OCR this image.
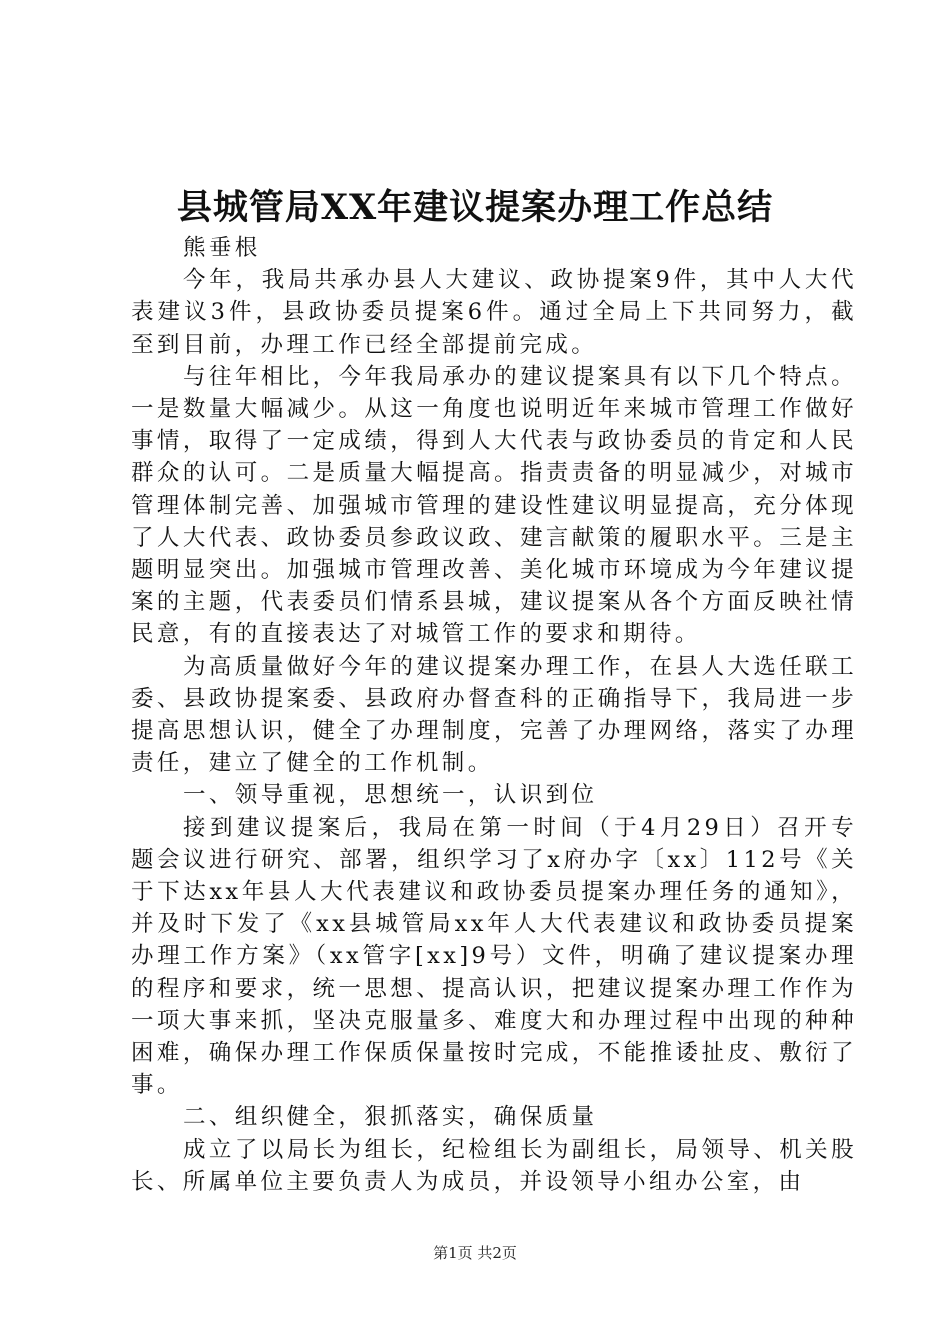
县城管局XX年建议提案办理工作总结

熊垂根

今年，我局共承办县人大建议、政协提案9件，其中人大代表建议3件，县政协委员提案6件。通过全局上下共同努力，截至到目前，办理工作已经全部提前完成。

与往年相比，今年我局承办的建议提案具有以下几个特点。一是数量大幅减少。从这一角度也说明近年来城市管理工作做好事情，取得了一定成绩，得到人大代表与政协委员的肯定和人民群众的认可。二是质量大幅提高。指责责备的明显减少，对城市管理体制完善、加强城市管理的建设性建议明显提高，充分体现了人大代表、政协委员参政议政、建言献策的履职水平。三是主题明显突出。加强城市管理改善、美化城市环境成为今年建议提案的主题，代表委员们情系县城，建议提案从各个方面反映社情民意，有的直接表达了对城管工作的要求和期待。

为高质量做好今年的建议提案办理工作，在县人大选任联工委、县政协提案委、县政府办督查科的正确指导下，我局进一步提高思想认识，健全了办理制度，完善了办理网络，落实了办理责任，建立了健全的工作机制。

一、领导重视，思想统一，认识到位

接到建议提案后，我局在第一时间（于4月29日）召开专题会议进行研究、部署，组织学习了x府办字〔xx〕112号《关于下达xx年县人大代表建议和政协委员提案办理任务的通知》，并及时下发了《xx县城管局xx年人大代表建议和政协委员提案办理工作方案》（xx管字[xx]9号）文件，明确了建议提案办理的程序和要求，统一思想、提高认识，把建议提案办理工作作为一项大事来抓，坚决克服量多、难度大和办理过程中出现的种种困难，确保办理工作保质保量按时完成，不能推诿扯皮、敷衍了事。

二、组织健全，狠抓落实，确保质量

成立了以局长为组长，纪检组长为副组长，局领导、机关股长、所属单位主要负责人为成员，并设领导小组办公室，由

第1页 共2页
